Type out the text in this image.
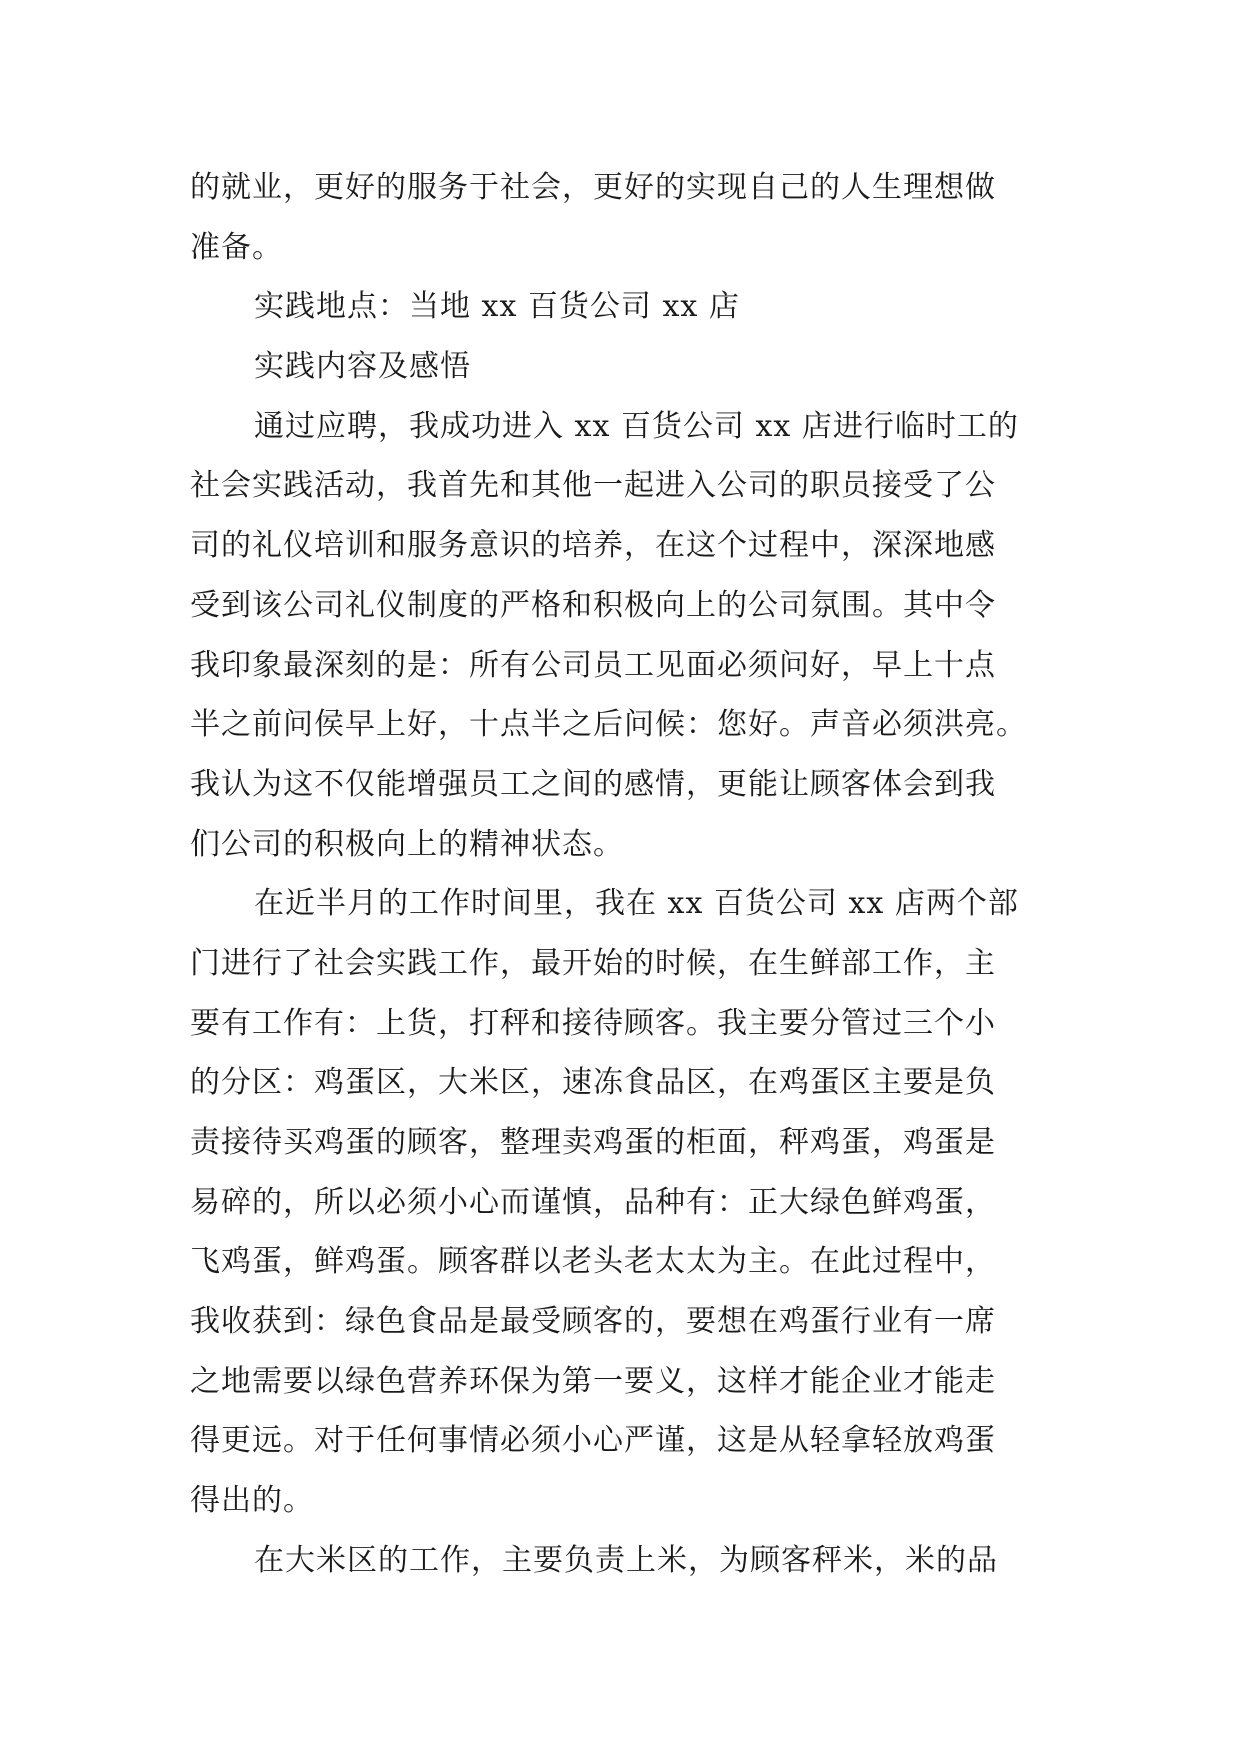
的就业，更好的服务于社会，更好的实现自己的人生理想做
准备。
实践地点：当地 xx 百货公司 xx 店
实践内容及感悟
通过应聘，我成功进入 xx 百货公司 xx 店进行临时工的
社会实践活动，我首先和其他一起进入公司的职员接受了公
司的礼仪培训和服务意识的培养，在这个过程中，深深地感
受到该公司礼仪制度的严格和积极向上的公司氛围。其中令
我印象最深刻的是：所有公司员工见面必须问好，早上十点
半之前问侯早上好，十点半之后问候：您好。声音必须洪亮。
我认为这不仅能增强员工之间的感情，更能让顾客体会到我
们公司的积极向上的精神状态。
在近半月的工作时间里，我在 xx 百货公司 xx 店两个部
门进行了社会实践工作，最开始的时候，在生鲜部工作，主
要有工作有：上货，打秤和接待顾客。我主要分管过三个小
的分区：鸡蛋区，大米区，速冻食品区，在鸡蛋区主要是负
责接待买鸡蛋的顾客，整理卖鸡蛋的柜面，秤鸡蛋，鸡蛋是
易碎的，所以必须小心而谨慎，品种有：正大绿色鲜鸡蛋，
飞鸡蛋，鲜鸡蛋。顾客群以老头老太太为主。在此过程中，
我收获到：绿色食品是最受顾客的，要想在鸡蛋行业有一席
之地需要以绿色营养环保为第一要义，这样才能企业才能走
得更远。对于任何事情必须小心严谨，这是从轻拿轻放鸡蛋
得出的。
在大米区的工作，主要负责上米，为顾客秤米，米的品
